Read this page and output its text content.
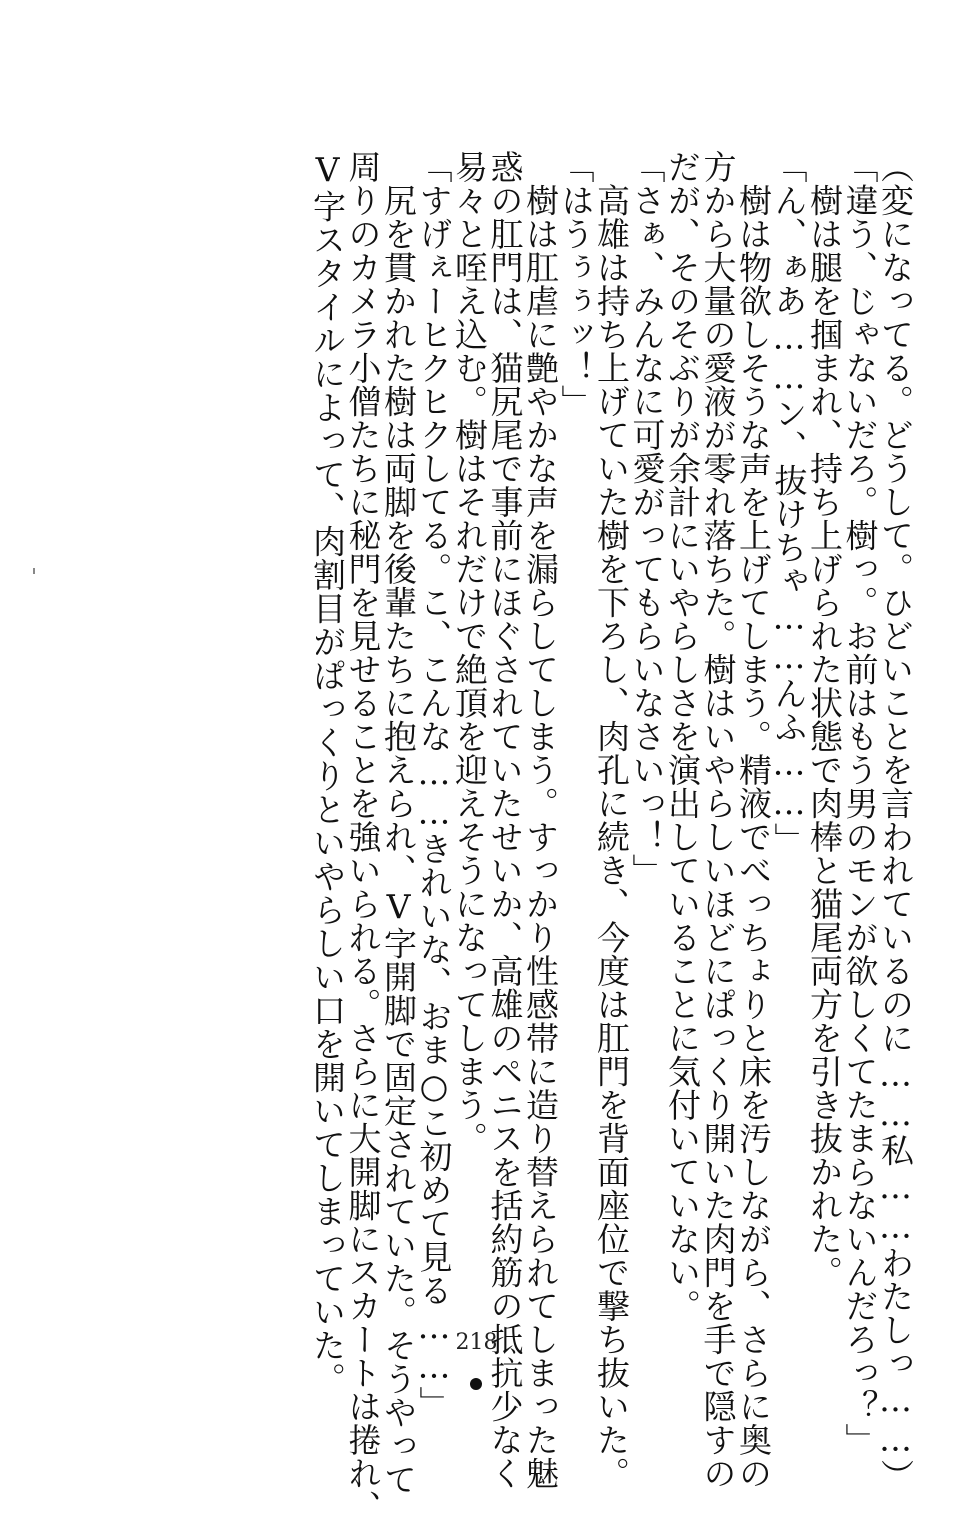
（変になってる。どうして。ひどいことを言われているのに……私……わたしっ……）

「違う、じゃないだろ。樹っ。お前はもう男のモンが欲しくてたまらないんだろっ？」

　樹は腿を掴まれ、持ち上げられた状態で肉棒と猫尾両方を引き抜かれた。

「ん、ぁあ……ン、抜けちゃ……んふ……」

　樹は物欲しそうな声を上げてしまう。精液でべっちょりと床を汚しながら、さらに奥の

方から大量の愛液が零れ落ちた。樹はいやらしいほどにぱっくり開いた肉門を手で隠すの

だが、そのそぶりが余計にいやらしさを演出していることに気付いていない。

「さぁ、みんなに可愛がってもらいなさいっ！」

　高雄は持ち上げていた樹を下ろし、肉孔に続き、今度は肛門を背面座位で撃ち抜いた。

「はうぅぅッ！」

　樹は肛虐に艶やかな声を漏らしてしまう。すっかり性感帯に造り替えられてしまった魅

惑の肛門は、猫尻尾で事前にほぐされていたせいか、高雄のペニスを括約筋の抵抗少なく

易々と咥え込む。樹はそれだけで絶頂を迎えそうになってしまう。

「すげぇーヒクヒクしてる。こ、こんな……きれいな、おま○こ初めて見る……」

　尻を貫かれた樹は両脚を後輩たちに抱えられ、V字開脚で固定されていた。そうやって

周りのカメラ小僧たちに秘門を見せることを強いられる。さらに大開脚にスカートは捲れ、

V字スタイルによって、肉割目がぱっくりといやらしい口を開いてしまっていた。	218
